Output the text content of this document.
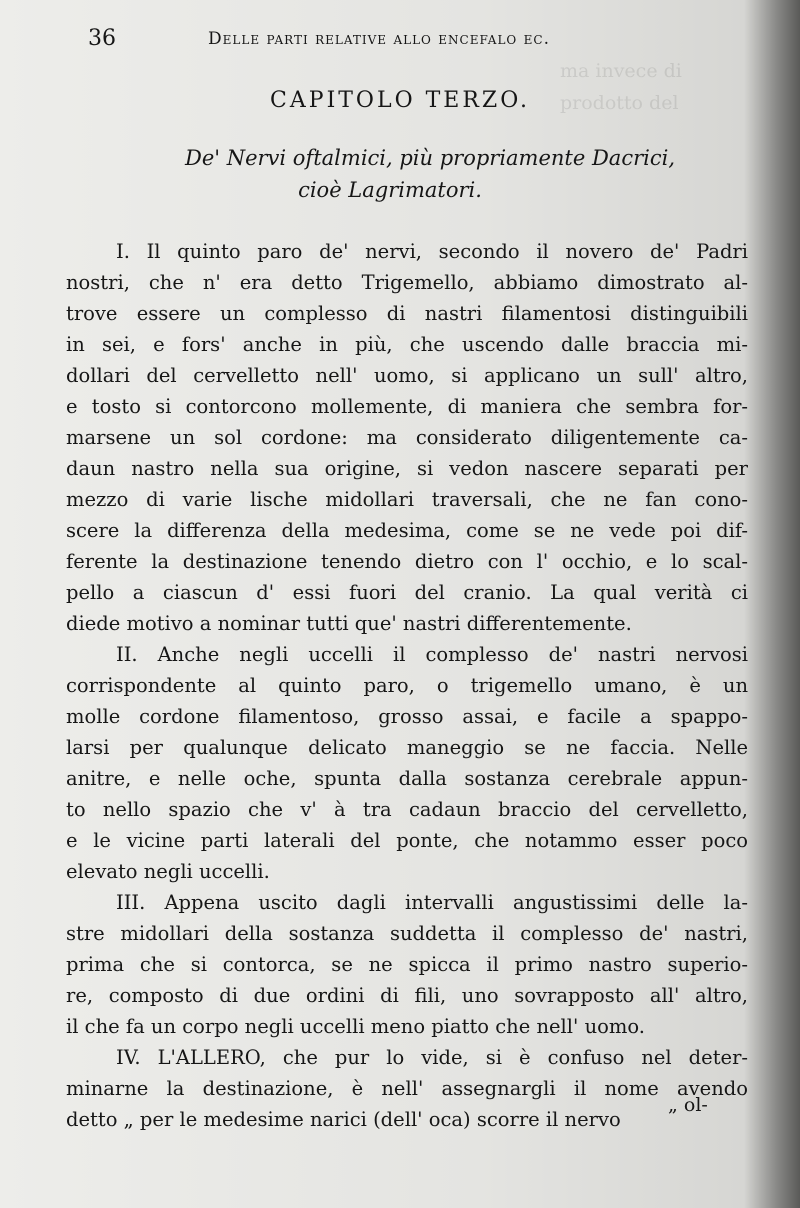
ma invece di
prodotto del
36	Delle parti relative allo encefalo ec.
CAPITOLO TERZO.
De' Nervi oftalmici, più propriamente Dacrici,
cioè Lagrimatori.
I. Il quinto paro de' nervi, secondo il novero de' Padri
nostri, che n' era detto Trigemello, abbiamo dimostrato al-
trove essere un complesso di nastri filamentosi distinguibili
in sei, e fors' anche in più, che uscendo dalle braccia mi-
dollari del cervelletto nell' uomo, si applicano un sull' altro,
e tosto si contorcono mollemente, di maniera che sembra for-
marsene un sol cordone: ma considerato diligentemente ca-
daun nastro nella sua origine, si vedon nascere separati per
mezzo di varie lische midollari traversali, che ne fan cono-
scere la differenza della medesima, come se ne vede poi dif-
ferente la destinazione tenendo dietro con l' occhio, e lo scal-
pello a ciascun d' essi fuori del cranio. La qual verità ci
diede motivo a nominar tutti que' nastri differentemente.
II. Anche negli uccelli il complesso de' nastri nervosi
corrispondente al quinto paro, o trigemello umano, è un
molle cordone filamentoso, grosso assai, e facile a spappo-
larsi per qualunque delicato maneggio se ne faccia. Nelle
anitre, e nelle oche, spunta dalla sostanza cerebrale appun-
to nello spazio che v' à tra cadaun braccio del cervelletto,
e le vicine parti laterali del ponte, che notammo esser poco
elevato negli uccelli.
III. Appena uscito dagli intervalli angustissimi delle la-
stre midollari della sostanza suddetta il complesso de' nastri,
prima che si contorca, se ne spicca il primo nastro superio-
re, composto di due ordini di fili, uno sovrapposto all' altro,
il che fa un corpo negli uccelli meno piatto che nell' uomo.
IV. L'ALLERO, che pur lo vide, si è confuso nel deter-
minarne la destinazione, è nell' assegnargli il nome avendo
detto „ per le medesime narici (dell' oca) scorre il nervo
„ ol-
